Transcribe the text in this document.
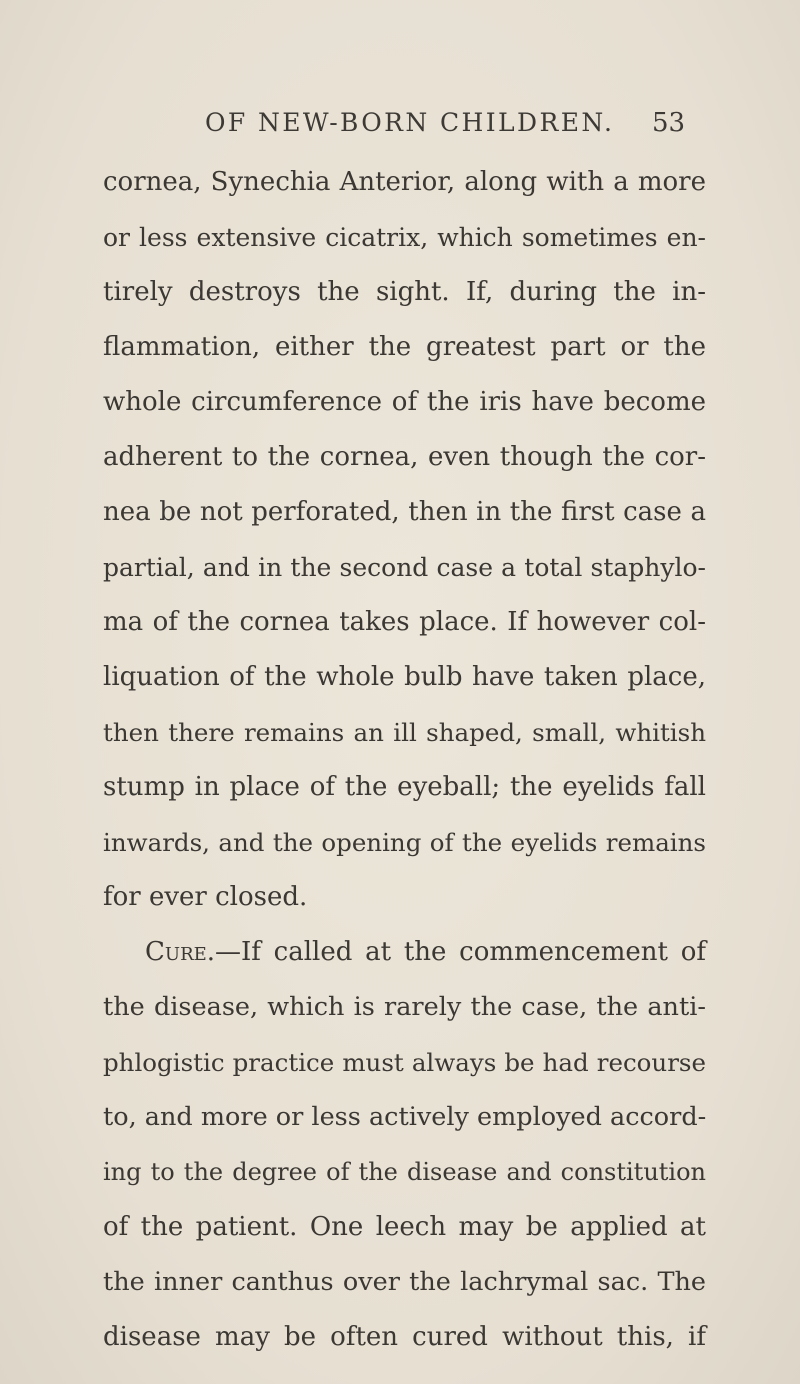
OF NEW-BORN CHILDREN. 53
cornea, Synechia Anterior, along with a more
or less extensive cicatrix, which sometimes en-
tirely destroys the sight. If, during the in-
flammation, either the greatest part or the
whole circumference of the iris have become
adherent to the cornea, even though the cor-
nea be not perforated, then in the first case a
partial, and in the second case a total staphylo-
ma of the cornea takes place. If however col-
liquation of the whole bulb have taken place,
then there remains an ill shaped, small, whitish
stump in place of the eyeball; the eyelids fall
inwards, and the opening of the eyelids remains
for ever closed.
Cure.—If called at the commencement of
the disease, which is rarely the case, the anti-
phlogistic practice must always be had recourse
to, and more or less actively employed accord-
ing to the degree of the disease and constitution
of the patient. One leech may be applied at
the inner canthus over the lachrymal sac. The
disease may be often cured without this, if
